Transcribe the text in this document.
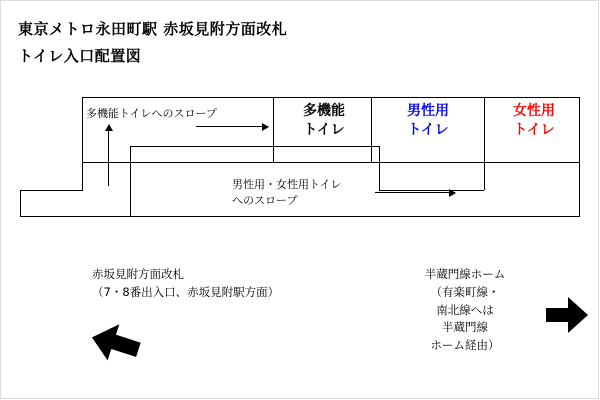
東京メトロ永田町駅 赤坂見附方面改札
トイレ入口配置図
多機能トイレへのスロープ	多機能
トイレ
男性用
トイレ
女性用
トイレ
男性用・女性用トイレ
へのスロープ
赤坂見附方面改札
（7・8番出入口、赤坂見附駅方面）
半蔵門線ホーム
（有楽町線・
南北線へは
半蔵門線
ホーム経由）
